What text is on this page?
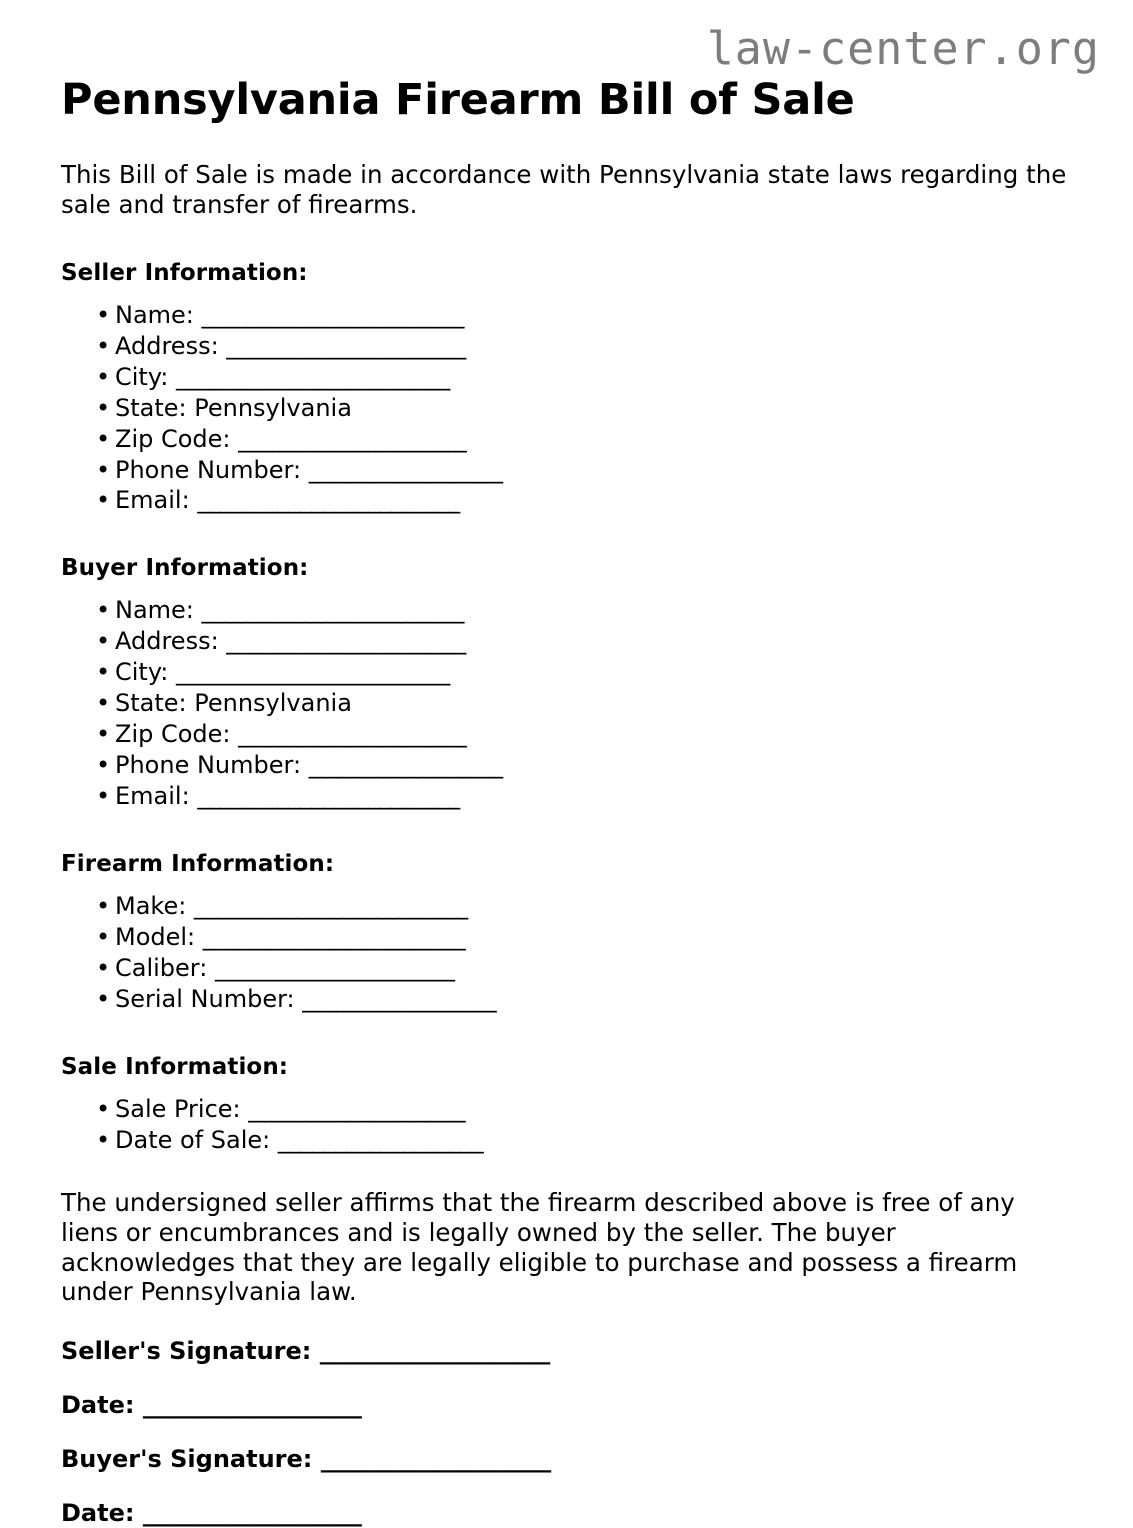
law-center.org
Pennsylvania Firearm Bill of Sale

This Bill of Sale is made in accordance with Pennsylvania state laws regarding the sale and transfer of firearms.

Seller Information:
• Name: _______________________
• Address: _____________________
• City: ________________________
• State: Pennsylvania
• Zip Code: ____________________
• Phone Number: _________________
• Email: _______________________
Buyer Information:
• Name: _______________________
• Address: _____________________
• City: ________________________
• State: Pennsylvania
• Zip Code: ____________________
• Phone Number: _________________
• Email: _______________________
Firearm Information:
• Make: ________________________
• Model: _______________________
• Caliber: _____________________
• Serial Number: _________________
Sale Information:
• Sale Price: ___________________
• Date of Sale: __________________

The undersigned seller affirms that the firearm described above is free of any liens or encumbrances and is legally owned by the seller. The buyer acknowledges that they are legally eligible to purchase and possess a firearm under Pennsylvania law.

Seller's Signature: ____________________

Date: ___________________

Buyer's Signature: ____________________

Date: ___________________
